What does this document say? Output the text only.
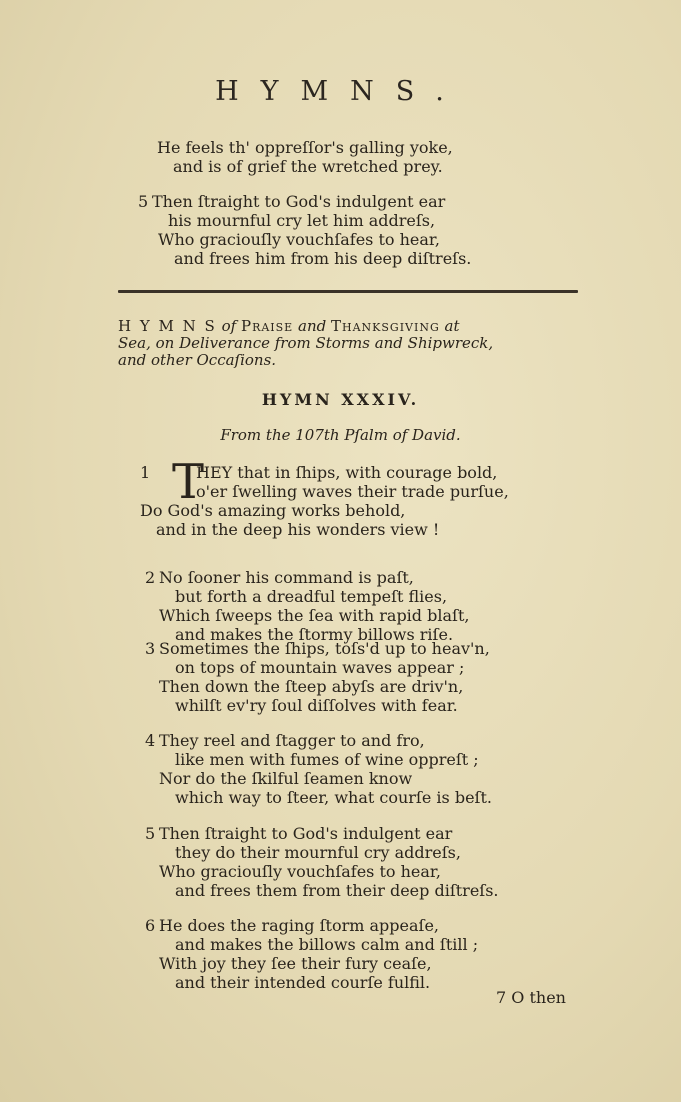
HYMNS.
He feels th' oppreſſor's galling yoke,
and is of grief the wretched prey.
5 Then ſtraight to God's indulgent ear
his mournful cry let him addreſs,
Who graciouſly vouchſafes to hear,
and frees him from his deep diſtreſs.
H Y M N S of Praise and Thanksgiving at
Sea, on Deliverance from Storms and Shipwreck,
and other Occaſions.
HYMN XXXIV.
From the 107th Pſalm of David.
1 T
HEY that in ſhips, with courage bold,
o'er ſwelling waves their trade purſue,
Do God's amazing works behold,
and in the deep his wonders view !
2 No ſooner his command is paſt,
but forth a dreadful tempeſt flies,
Which ſweeps the ſea with rapid blaſt,
and makes the ſtormy billows riſe.
3 Sometimes the ſhips, toſs'd up to heav'n,
on tops of mountain waves appear ;
Then down the ſteep abyſs are driv'n,
whilſt ev'ry ſoul diſſolves with fear.
4 They reel and ſtagger to and fro,
like men with fumes of wine oppreſt ;
Nor do the ſkilful ſeamen know
which way to ſteer, what courſe is beſt.
5 Then ſtraight to God's indulgent ear
they do their mournful cry addreſs,
Who graciouſly vouchſafes to hear,
and frees them from their deep diſtreſs.
6 He does the raging ſtorm appeaſe,
and makes the billows calm and ſtill ;
With joy they ſee their fury ceaſe,
and their intended courſe fulfil.
7 O then
